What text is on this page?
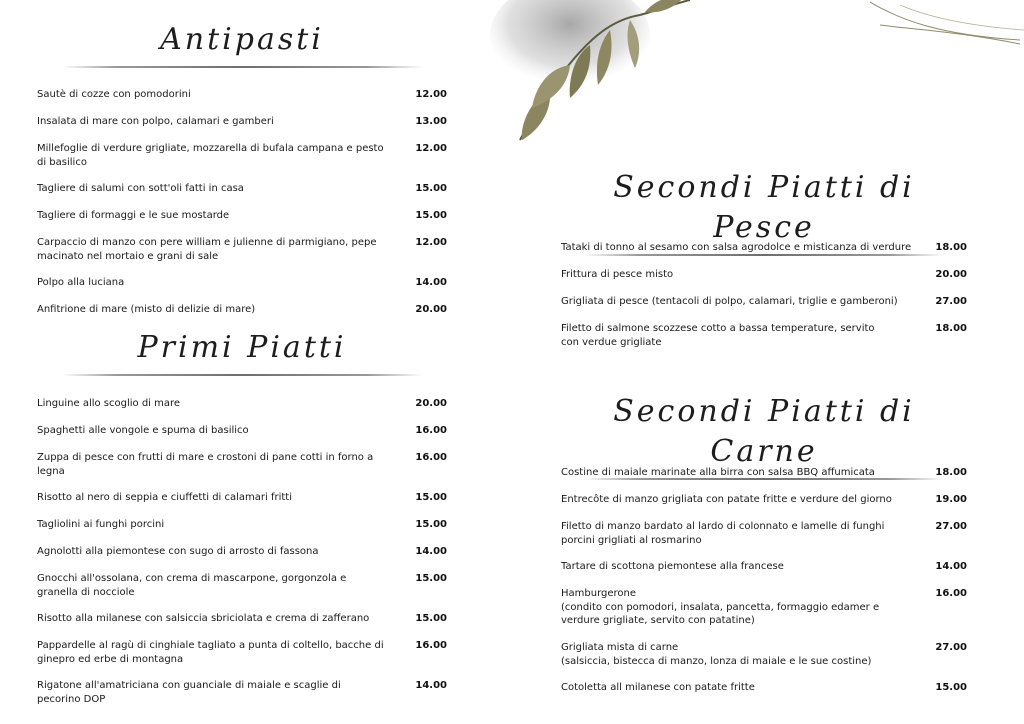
Antipasti
Sautè di cozze con pomodorini	12.00
Insalata di mare con polpo, calamari e gamberi	13.00
Millefoglie di verdure grigliate, mozzarella di bufala campana e pesto di basilico
12.00
Tagliere di salumi con sott'oli fatti in casa	15.00
Tagliere di formaggi e le sue mostarde	15.00
Carpaccio di manzo con pere william e julienne di parmigiano, pepe macinato nel mortaio e grani di sale
12.00
Polpo alla luciana	14.00
Anfitrione di mare (misto di delizie di mare)	20.00
Primi Piatti
Linguine allo scoglio di mare	20.00
Spaghetti alle vongole e spuma di basilico	16.00
Zuppa di pesce con frutti di mare e crostoni di pane cotti in forno a legna
16.00
Risotto al nero di seppia e ciuffetti di calamari fritti	15.00
Tagliolini ai funghi porcini	15.00
Agnolotti alla piemontese con sugo di arrosto di fassona	14.00
Gnocchi all'ossolana, con crema di mascarpone, gorgonzola e granella di nocciole
15.00
Risotto alla milanese con salsiccia sbriciolata e crema di zafferano	15.00
Pappardelle al ragù di cinghiale tagliato a punta di coltello, bacche di ginepro ed erbe di montagna
16.00
Rigatone all'amatriciana con guanciale di maiale e scaglie di pecorino DOP
14.00
Secondi Piatti di Pesce
Tataki di tonno al sesamo con salsa agrodolce e misticanza di verdure	18.00
Frittura di pesce misto	20.00
Grigliata di pesce (tentacoli di polpo, calamari, triglie e gamberoni)	27.00
Filetto di salmone scozzese cotto a bassa temperature, servito con verdue grigliate
18.00
Secondi Piatti di Carne
Costine di maiale marinate alla birra con salsa BBQ affumicata	18.00
Entrecôte di manzo grigliata con patate fritte e verdure del giorno	19.00
Filetto di manzo bardato al lardo di colonnato e lamelle di funghi porcini grigliati al rosmarino
27.00
Tartare di scottona piemontese alla francese	14.00
Hamburgerone
(condito con pomodori, insalata, pancetta, formaggio edamer e verdure grigliate, servito con patatine)
16.00
Grigliata mista di carne
(salsiccia, bistecca di manzo, lonza di maiale e le sue costine)
27.00
Cotoletta all milanese con patate fritte	15.00
